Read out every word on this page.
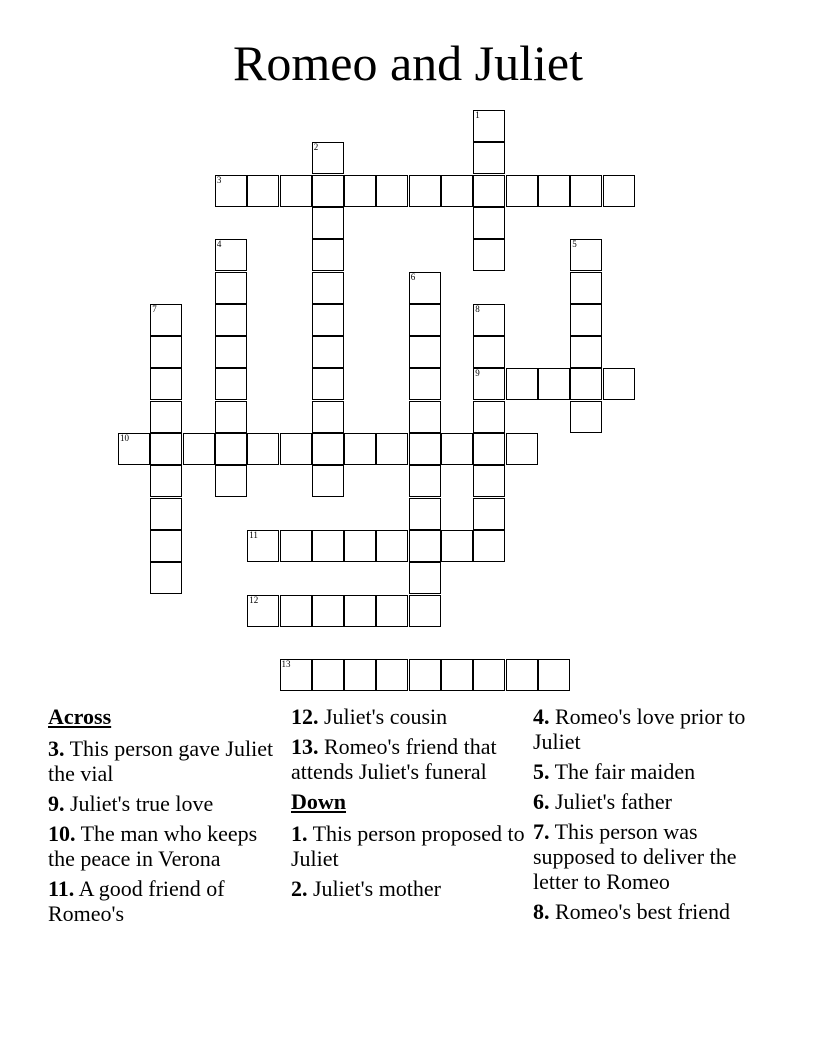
Romeo and Juliet
1
2
3
4	5
6
7	8
9
10
11
12
13
Across
3. This person gave Juliet the vial
9. Juliet's true love
10. The man who keeps the peace in Verona
11. A good friend of Romeo's
12. Juliet's cousin
13. Romeo's friend that attends Juliet's funeral
Down
1. This person proposed to Juliet
2. Juliet's mother
4. Romeo's love prior to Juliet
5. The fair maiden
6. Juliet's father
7. This person was supposed to deliver the letter to Romeo
8. Romeo's best friend
